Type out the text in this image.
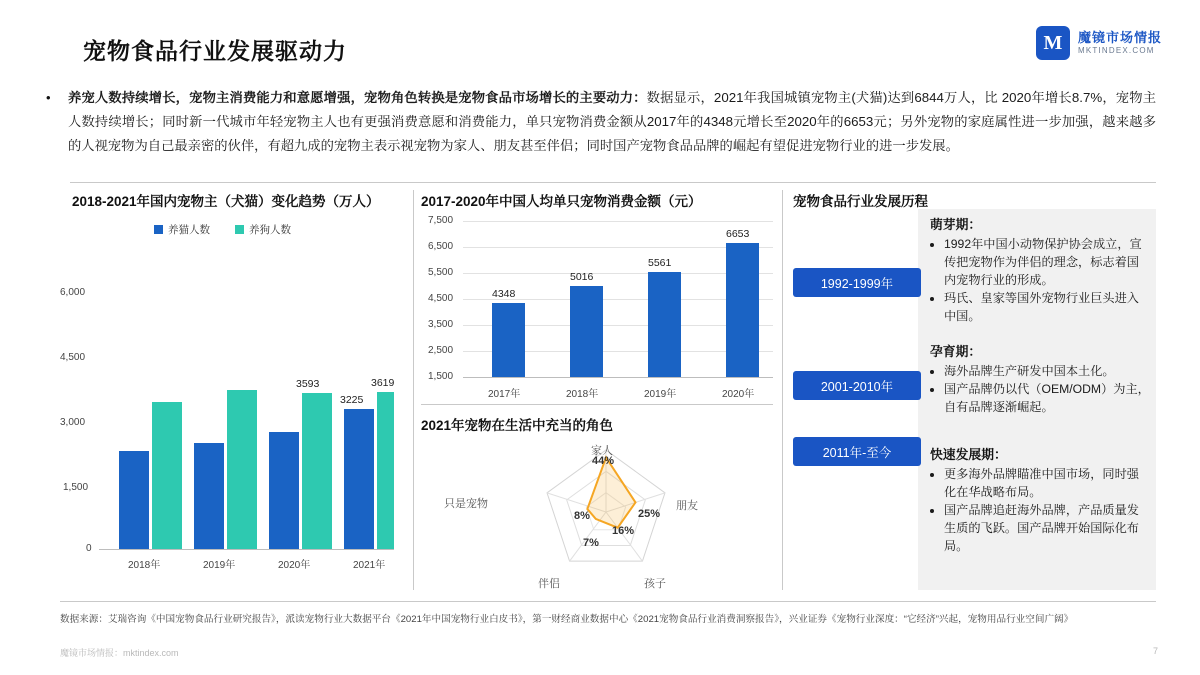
宠物食品行业发展驱动力	M	魔镜市场情报
MKTINDEX.COM
• 养宠人数持续增长，宠物主消费能力和意愿增强，宠物角色转换是宠物食品市场增长的主要动力：数据显示，2021年我国城镇宠物主(犬猫)达到6844万人，比 2020年增长8.7%，宠物主人数持续增长；同时新一代城市年轻宠物主人也有更强消费意愿和消费能力，单只宠物消费金额从2017年的4348元增长至2020年的6653元；另外宠物的家庭属性进一步加强，越来越多的人视宠物为自己最亲密的伙伴，有超九成的宠物主表示视宠物为家人、朋友甚至伴侣；同时国产宠物食品品牌的崛起有望促进宠物行业的进一步发展。
2018-2021年国内宠物主（犬猫）变化趋势（万人）
养猫人数	养狗人数
6,000
4,500
3,000
1,500
0
3593
3225
3619
2018年	2019年	2020年	2021年
2017-2020年中国人均单只宠物消费金额（元）
7,500
6,500
5,500
4,500
3,500
2,500
1,500
4348
5016
5561
6653
2017年	2018年	2019年	2020年
2021年宠物在生活中充当的角色
家人
44%
朋友
25%
孩子
16%
伴侣
7%
只是宠物
8%
宠物食品行业发展历程
1992-1999年
2001-2010年
2011年-至今
萌芽期：
• 1992年中国小动物保护协会成立，宣传把宠物作为伴侣的理念，标志着国内宠物行业的形成。
• 玛氏、皇家等国外宠物行业巨头进入中国。
孕育期：
• 海外品牌生产研发中国本土化。
• 国产品牌仍以代（OEM/ODM）为主，自有品牌逐渐崛起。
快速发展期：
• 更多海外品牌瞄准中国市场，同时强化在华战略布局。
• 国产品牌追赶海外品牌，产品质量发生质的飞跃。国产品牌开始国际化布局。
数据来源：艾瑞咨询《中国宠物食品行业研究报告》，派读宠物行业大数据平台《2021年中国宠物行业白皮书》，第一财经商业数据中心《2021宠物食品行业消费洞察报告》，兴业证券《宠物行业深度：“它经济”兴起，宠物用品行业空间广阔》
魔镜市场情报：mktindex.com	7
